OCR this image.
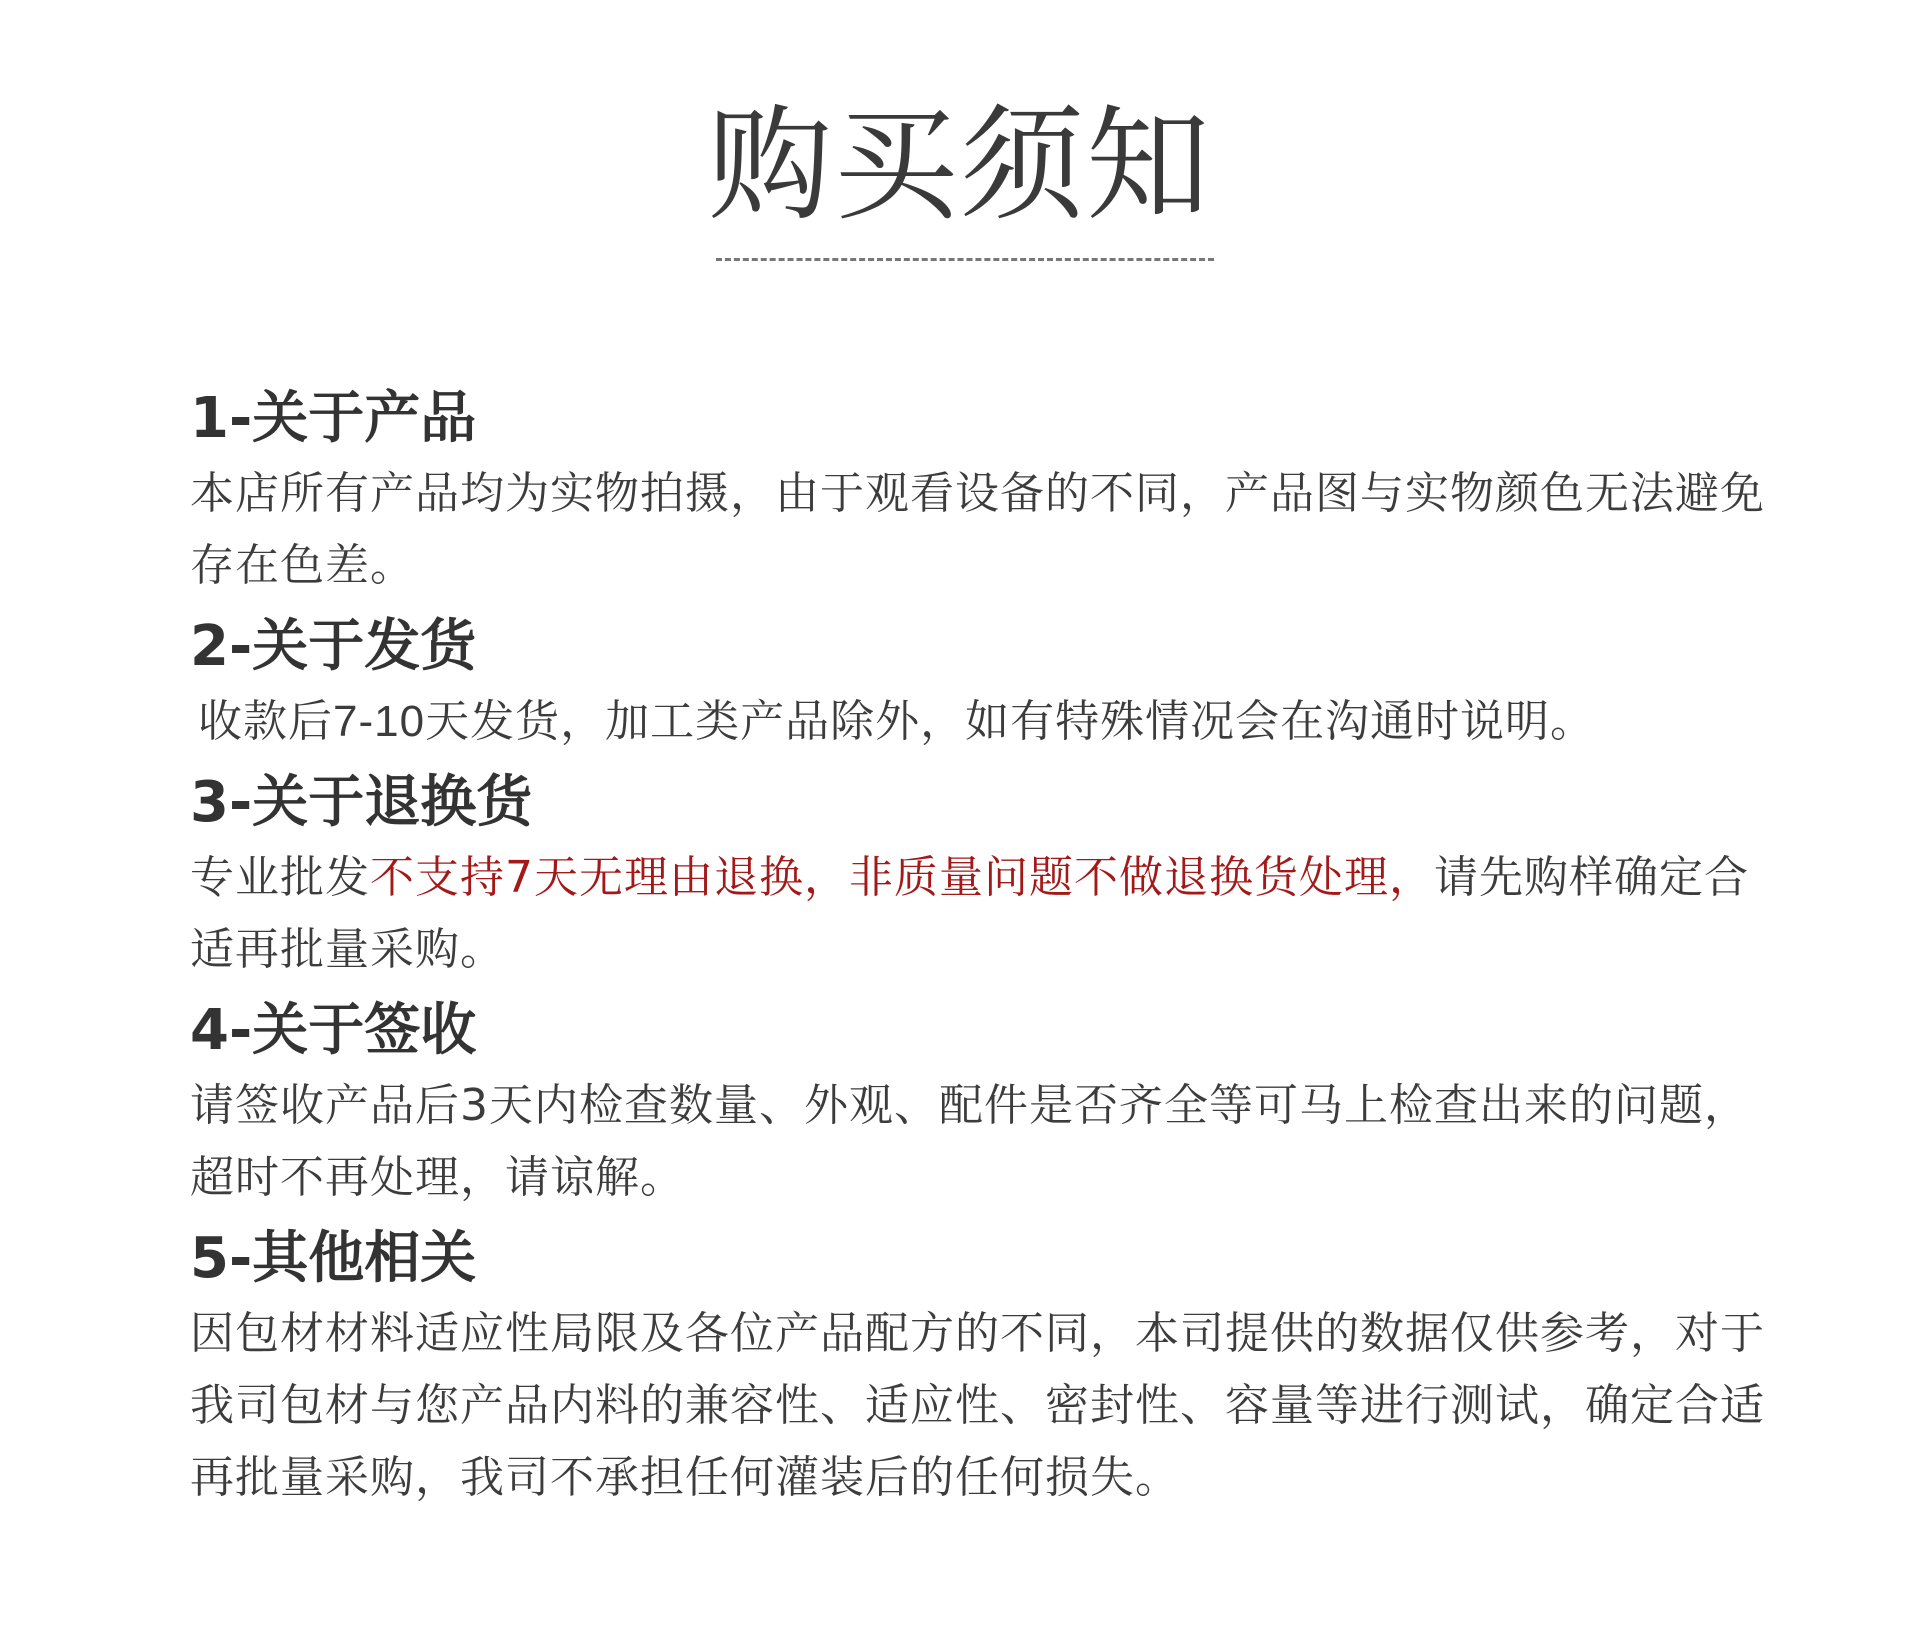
购买须知
1-关于产品
本店所有产品均为实物拍摄，由于观看设备的不同，产品图与实物颜色无法避免存在色差。
2-关于发货
收款后7-10天发货，加工类产品除外，如有特殊情况会在沟通时说明。
3-关于退换货
专业批发不支持7天无理由退换，非质量问题不做退换货处理，请先购样确定合适再批量采购。
4-关于签收
请签收产品后3天内检查数量、外观、配件是否齐全等可马上检查出来的问题，超时不再处理，请谅解。
5-其他相关
因包材材料适应性局限及各位产品配方的不同，本司提供的数据仅供参考，对于我司包材与您产品内料的兼容性、适应性、密封性、容量等进行测试，确定合适再批量采购，我司不承担任何灌装后的任何损失。
